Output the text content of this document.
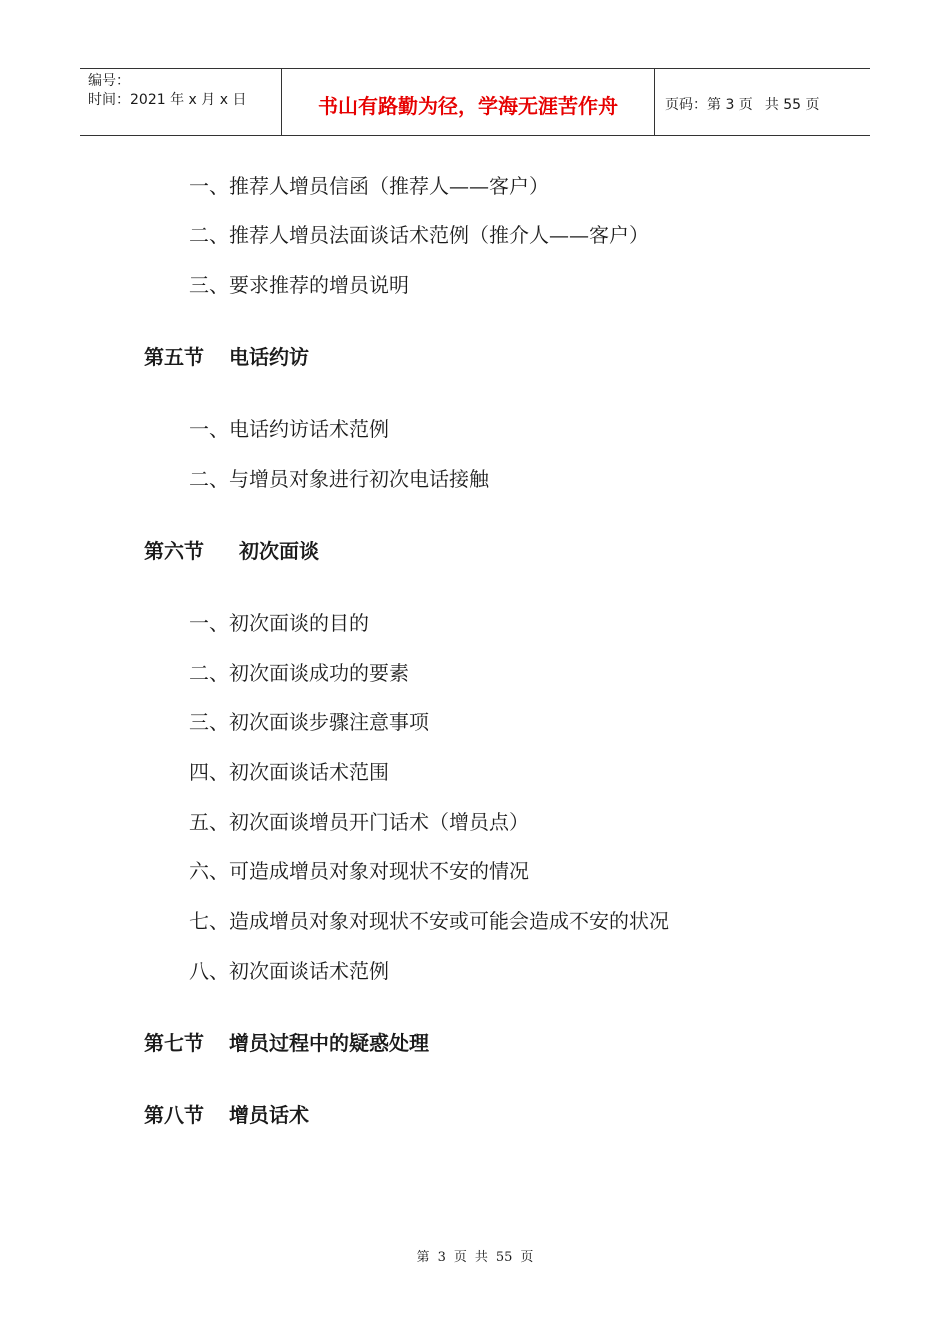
编号：
时间：2021 年 x 月 x 日	书山有路勤为径，学海无涯苦作舟	页码：第 3 页 共 55 页
一、推荐人增员信函（推荐人——客户）
二、推荐人增员法面谈话术范例（推介人——客户）
三、要求推荐的增员说明
第五节 电话约访
一、电话约访话术范例
二、与增员对象进行初次电话接触
第六节 初次面谈
一、初次面谈的目的
二、初次面谈成功的要素
三、初次面谈步骤注意事项
四、初次面谈话术范围
五、初次面谈增员开门话术（增员点）
六、可造成增员对象对现状不安的情况
七、造成增员对象对现状不安或可能会造成不安的状况
八、初次面谈话术范例
第七节 增员过程中的疑惑处理
第八节 增员话术
第 3 页 共 55 页
